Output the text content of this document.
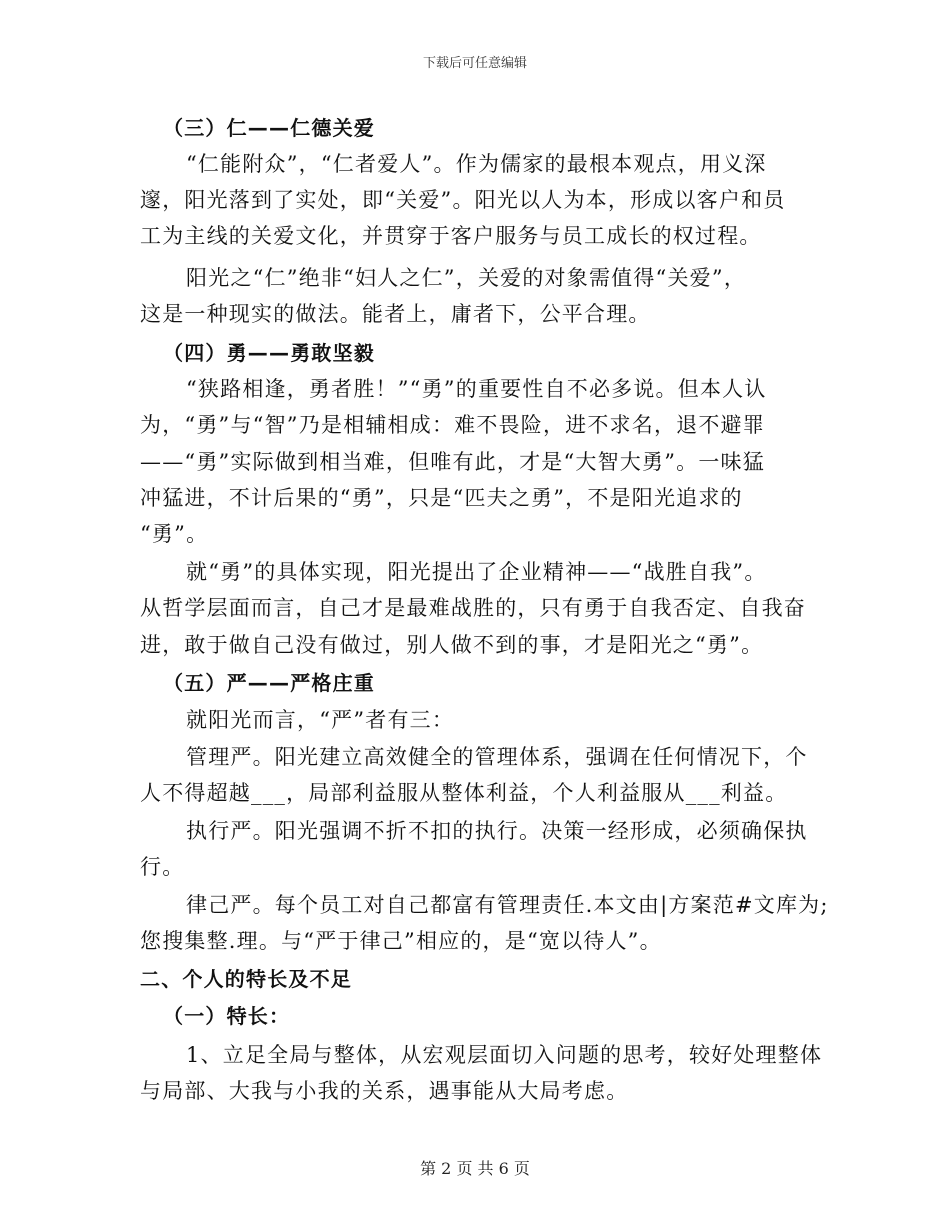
下载后可任意编辑
（三）仁——仁德关爱
“仁能附众”，“仁者爱人”。作为儒家的最根本观点，用义深
邃，阳光落到了实处，即“关爱”。阳光以人为本，形成以客户和员
工为主线的关爱文化，并贯穿于客户服务与员工成长的权过程。
阳光之“仁”绝非“妇人之仁”，关爱的对象需值得“关爱”，
这是一种现实的做法。能者上，庸者下，公平合理。
（四）勇——勇敢坚毅
“狭路相逢，勇者胜！”“勇”的重要性自不必多说。但本人认
为，“勇”与“智”乃是相辅相成：难不畏险，进不求名，退不避罪
——“勇”实际做到相当难，但唯有此，才是“大智大勇”。一味猛
冲猛进，不计后果的“勇”，只是“匹夫之勇”，不是阳光追求的
“勇”。
就“勇”的具体实现，阳光提出了企业精神——“战胜自我”。
从哲学层面而言，自己才是最难战胜的，只有勇于自我否定、自我奋
进，敢于做自己没有做过，别人做不到的事，才是阳光之“勇”。
（五）严——严格庄重
就阳光而言，“严”者有三：
管理严。阳光建立高效健全的管理体系，强调在任何情况下，个
人不得超越___，局部利益服从整体利益，个人利益服从___利益。
执行严。阳光强调不折不扣的执行。决策一经形成，必须确保执
行。
律己严。每个员工对自己都富有管理责任.本文由|方案范#文库为;
您搜集整.理。与“严于律己”相应的，是“宽以待人”。
二、个人的特长及不足
（一）特长：
1、立足全局与整体，从宏观层面切入问题的思考，较好处理整体
与局部、大我与小我的关系，遇事能从大局考虑。
第 2 页 共 6 页
